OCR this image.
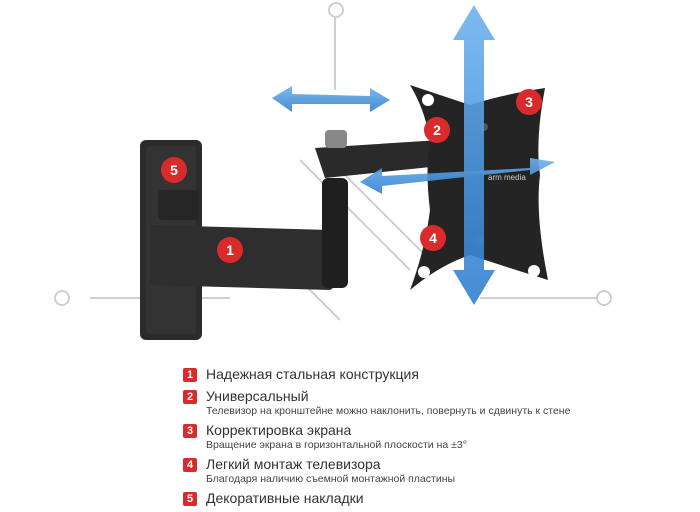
arm media
1
2
3
4
5
1 Надежная стальная конструкция
2 Универсальный
Телевизор на кронштейне можно наклонить, повернуть и сдвинуть к стене
3 Корректировка экрана
Вращение экрана в горизонтальной плоскости на ±3°
4 Легкий монтаж телевизора
Благодаря наличию съемной монтажной пластины
5 Декоративные накладки
